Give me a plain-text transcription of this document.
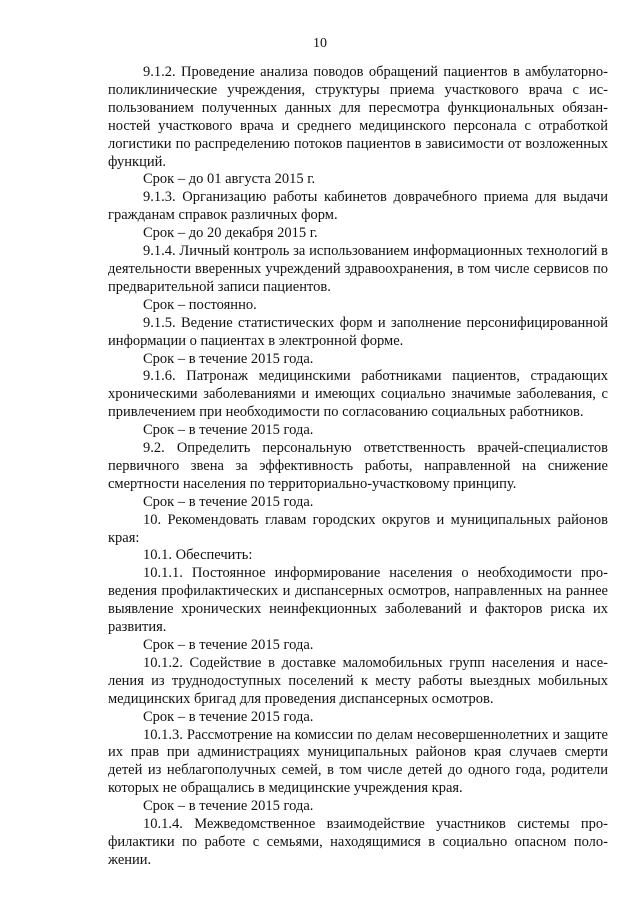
10

9.1.2. Проведение анализа поводов обращений пациентов в амбулаторно-поликлинические учреждения, структуры приема участкового врача с использованием полученных данных для пересмотра функциональных обязанностей участкового врача и среднего медицинского персонала с отработкой логистики по распределению потоков пациентов в зависимости от возложенных функций.

Срок – до 01 августа 2015 г.

9.1.3. Организацию работы кабинетов доврачебного приема для выдачи гражданам справок различных форм.

Срок – до 20 декабря 2015 г.

9.1.4. Личный контроль за использованием информационных технологий в деятельности вверенных учреждений здравоохранения, в том числе сервисов по предварительной записи пациентов.

Срок – постоянно.

9.1.5. Ведение статистических форм и заполнение персонифицированной информации о пациентах в электронной форме.

Срок – в течение 2015 года.

9.1.6. Патронаж медицинскими работниками пациентов, страдающих хроническими заболеваниями и имеющих социально значимые заболевания, с привлечением при необходимости по согласованию социальных работников.

Срок – в течение 2015 года.

9.2. Определить персональную ответственность врачей-специалистов первичного звена за эффективность работы, направленной на снижение смертности населения по территориально-участковому принципу.

Срок – в течение 2015 года.

10. Рекомендовать главам городских округов и муниципальных районов края:

10.1. Обеспечить:

10.1.1. Постоянное информирование населения о необходимости проведения профилактических и диспансерных осмотров, направленных на раннее выявление хронических неинфекционных заболеваний и факторов риска их развития.

Срок – в течение 2015 года.

10.1.2. Содействие в доставке маломобильных групп населения и населения из труднодоступных поселений к месту работы выездных мобильных медицинских бригад для проведения диспансерных осмотров.

Срок – в течение 2015 года.

10.1.3. Рассмотрение на комиссии по делам несовершеннолетних и защите их прав при администрациях муниципальных районов края случаев смерти детей из неблагополучных семей, в том числе детей до одного года, родители которых не обращались в медицинские учреждения края.

Срок – в течение 2015 года.

10.1.4. Межведомственное взаимодействие участников системы профилактики по работе с семьями, находящимися в социально опасном положении.
